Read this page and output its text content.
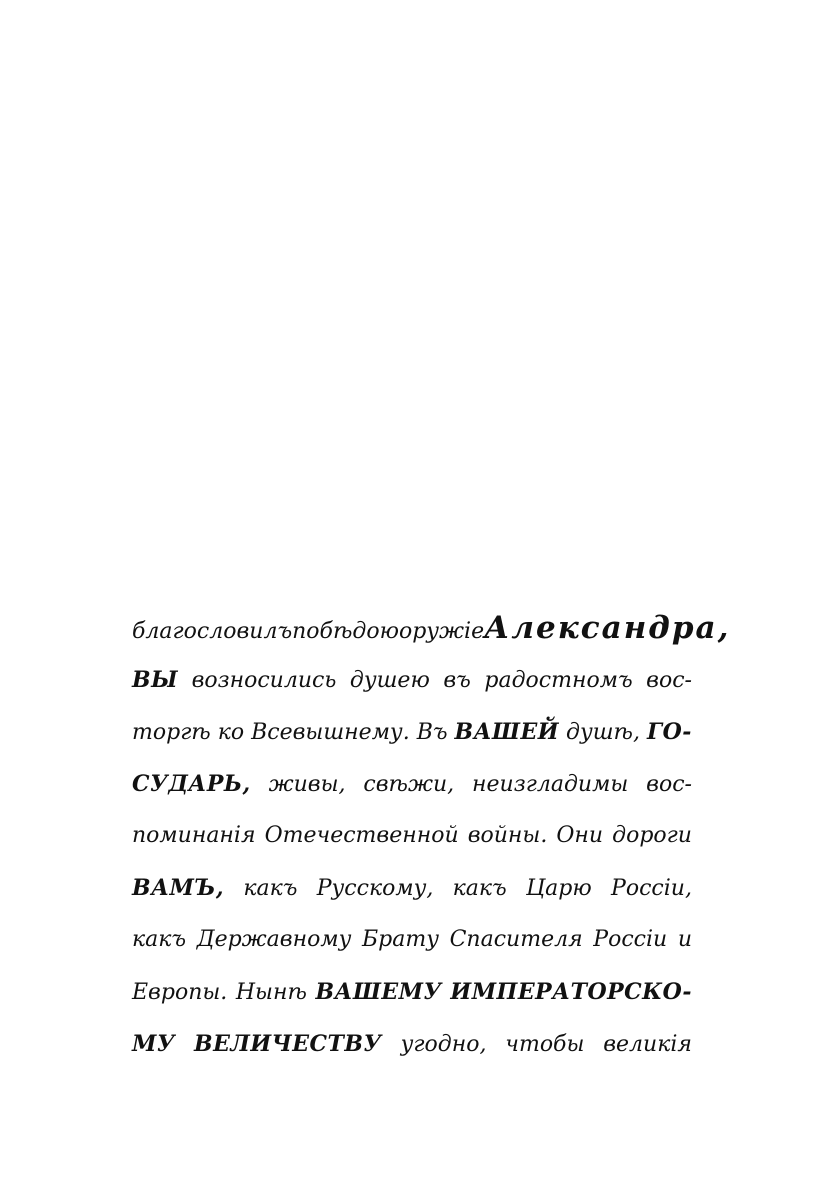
благословилъ побѣдою оружіе Александра,
ВЫ возносились душею въ радостномъ вос-
торгѣ ко Всевышнему. Въ ВАШЕЙ душѣ, ГО-
СУДАРЬ, живы, свѣжи, неизгладимы вос-
поминанія Отечественной войны. Они дороги
ВАМЪ, какъ Русскому, какъ Царю Россіи,
какъ Державному Брату Спасителя Россіи и
Европы. Нынѣ ВАШЕМУ ИМПЕРАТОРСКО-
МУ ВЕЛИЧЕСТВУ угодно, чтобы великія
